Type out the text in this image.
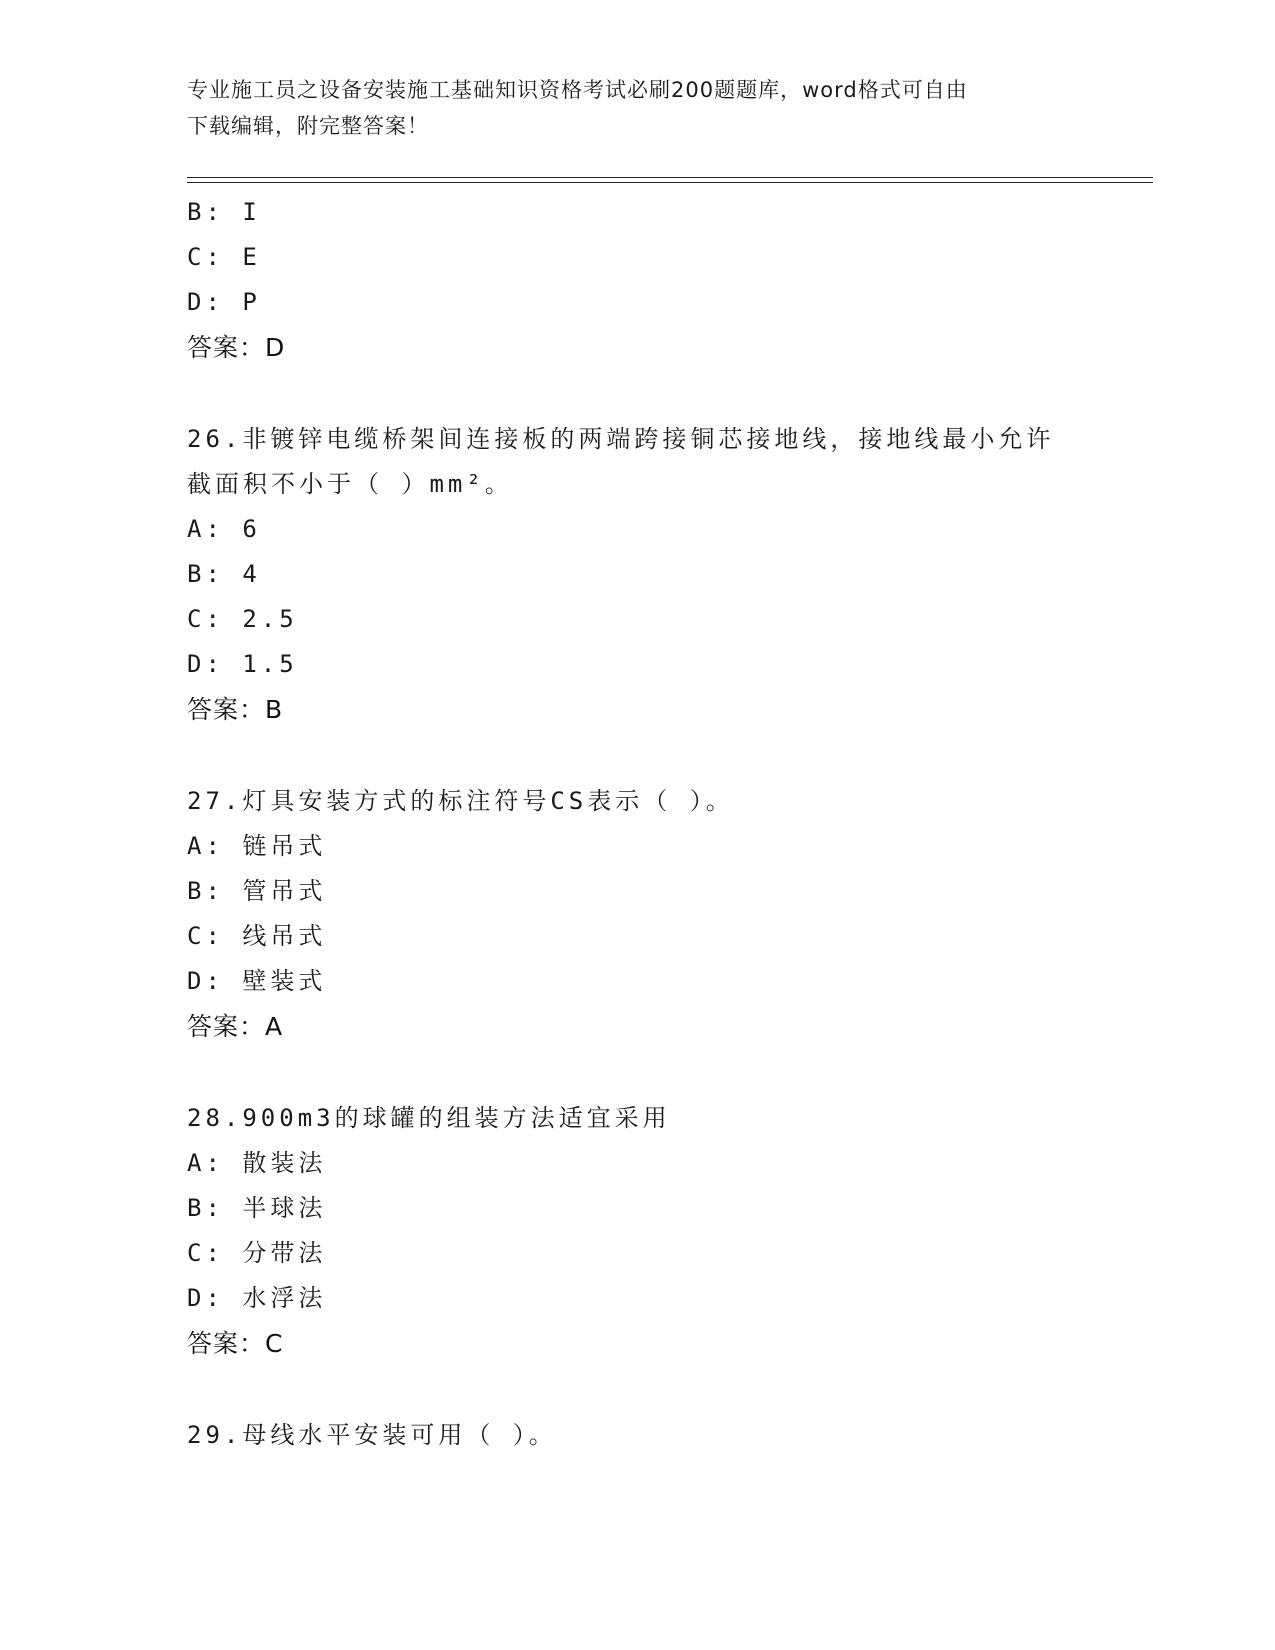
专业施工员之设备安装施工基础知识资格考试必刷200题题库，word格式可自由
下载编辑，附完整答案！
B: I
C: E
D: P
答案：D
26.非镀锌电缆桥架间连接板的两端跨接铜芯接地线，接地线最小允许
截面积不小于（ ）mm²。
A: 6
B: 4
C: 2.5
D: 1.5
答案：B
27.灯具安装方式的标注符号CS表示（ ）。
A: 链吊式
B: 管吊式
C: 线吊式
D: 壁装式
答案：A
28.900m3的球罐的组装方法适宜采用
A: 散装法
B: 半球法
C: 分带法
D: 水浮法
答案：C
29.母线水平安装可用（ ）。
